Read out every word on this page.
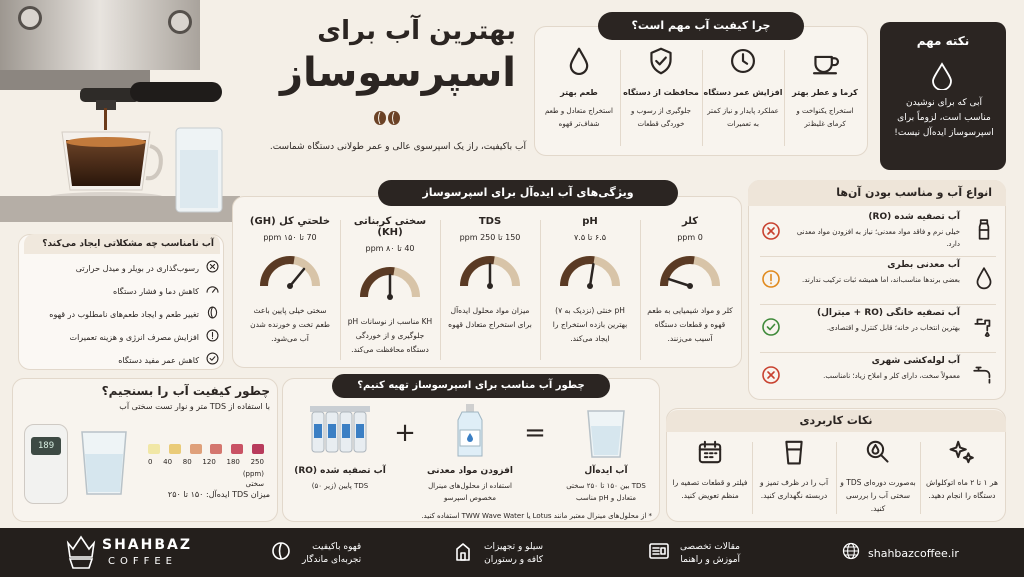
بهترین آب برای
اسپرسوساز
آب باکیفیت، راز یک اسپرسوی عالی و عمر طولانی دستگاه شماست.
چرا کیفیت آب مهم است؟
کرما و عطر بهتر
استخراج یکنواخت و کرمای غلیظ‌تر
افزایش عمر دستگاه
عملکرد پایدار و نیاز کمتر به تعمیرات
محافظت از دستگاه
جلوگیری از رسوب و خوردگی قطعات
طعم بهتر
استخراج متعادل و طعم شفاف‌تر قهوه
نکته مهم
آبی که برای نوشیدن مناسب است، لزوماً برای اسپرسوساز ایده‌آل نیست!
ویژگی‌های آب ایده‌آل برای اسپرسوساز
کلر
0 ppm
کلر و مواد شیمیایی به طعم قهوه و قطعات دستگاه آسیب می‌زنند.
pH
۶.۵ تا ۷.۵
pH خنثی (نزدیک به ۷) بهترین بازده استخراج را ایجاد می‌کند.
TDS
150 تا 250 ppm
میزان مواد محلول ایده‌آل برای استخراج متعادل قهوه
سختی کربناتی (KH)
40 تا ۸۰ ppm
KH مناسب از نوسانات pH جلوگیری و از خوردگی دستگاه محافظت می‌کند.
خلحتیِ کل (GH)
70 تا ۱۵۰ ppm
سختی خیلی پایین باعث طعم تخت و خورنده شدن آب می‌شود.
آب نامناسب چه مشکلاتی ایجاد می‌کند؟
رسوب‌گذاری در بویلر و میدل حرارتی
کاهش دما و فشار دستگاه
تغییر طعم و ایجاد طعم‌های نامطلوب در قهوه
افزایش مصرف انرژی و هزینه تعمیرات
کاهش عمر مفید دستگاه
انواع آب و مناسب بودن آن‌ها
آب تصفیه شده (RO)
خیلی نرم و فاقد مواد معدنی؛ نیاز به افزودن مواد معدنی دارد.
آب معدنی بطری
بعضی برندها مناسب‌اند، اما همیشه ثبات ترکیب ندارند.
آب تصفیه خانگی (RO + میترال)
بهترین انتخاب در خانه؛ قابل کنترل و اقتصادی.
آب لوله‌کشی شهری
معمولاً سخت، دارای کلر و املاح زیاد؛ نامناسب.
چطور کیفیت آب را بسنجیم؟
با استفاده از TDS متر و نوار تست سختی آب
189
0 40 80 120 180 250
(ppm)
سختی
میزان TDS ایده‌آل: ۱۵۰ تا ۲۵۰
چطور آب مناسب برای اسپرسوساز تهیه کنیم؟
آب تصفیه شده (RO)
TDS پایین (زیر ۵۰)
افزودن مواد معدنی
استفاده از محلول‌های مینرال مخصوص اسپرسو
آب ایده‌آل
TDS بین ۱۵۰ تا ۲۵۰ سختی متعادل و pH مناسب
+	=
* از محلول‌های مینرال معتبر مانند Lotus یا TWW Wave Water استفاده کنید.
نکات کاربردی
هر ۱ تا ۲ ماه اتوکلواش دستگاه را انجام دهید.
به‌صورت دوره‌ای TDS و سختی آب را بررسی کنید.
آب را در ظرف تمیز و دربسته نگهداری کنید.
فیلتر و قطعات تصفیه را منظم تعویض کنید.
SHAHBAZ
COFFEE
قهوه باکیفیت
تجربه‌ای ماندگار
سیلو و تجهیزات
کافه و رستوران
مقالات تخصصی
آموزش و راهنما	shahbazcoffee.ir
